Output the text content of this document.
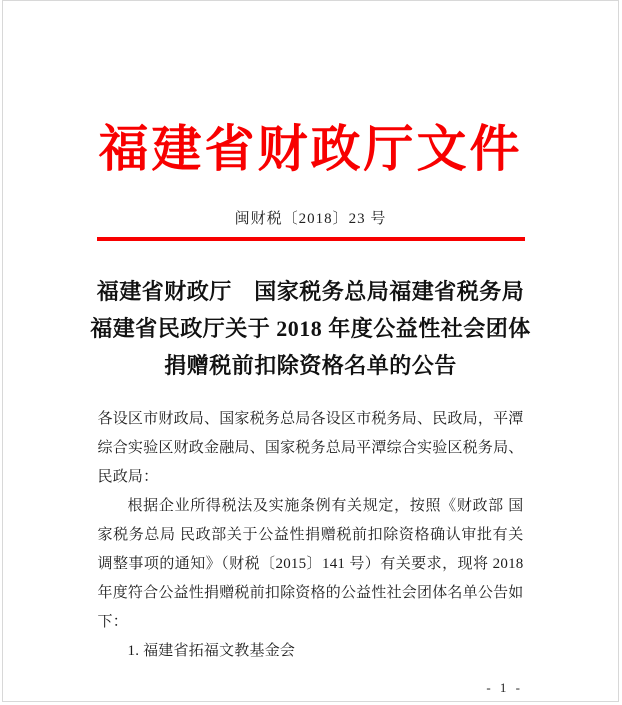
福建省财政厅文件
闽财税〔2018〕23 号
福建省财政厅　国家税务总局福建省税务局
福建省民政厅关于 2018 年度公益性社会团体
捐赠税前扣除资格名单的公告

各设区市财政局、国家税务总局各设区市税务局、民政局，平潭综合实验区财政金融局、国家税务总局平潭综合实验区税务局、民政局：

根据企业所得税法及实施条例有关规定，按照《财政部 国家税务总局 民政部关于公益性捐赠税前扣除资格确认审批有关调整事项的通知》（财税〔2015〕141 号）有关要求，现将 2018 年度符合公益性捐赠税前扣除资格的公益性社会团体名单公告如下：

1. 福建省拓福文教基金会

- 1 -
